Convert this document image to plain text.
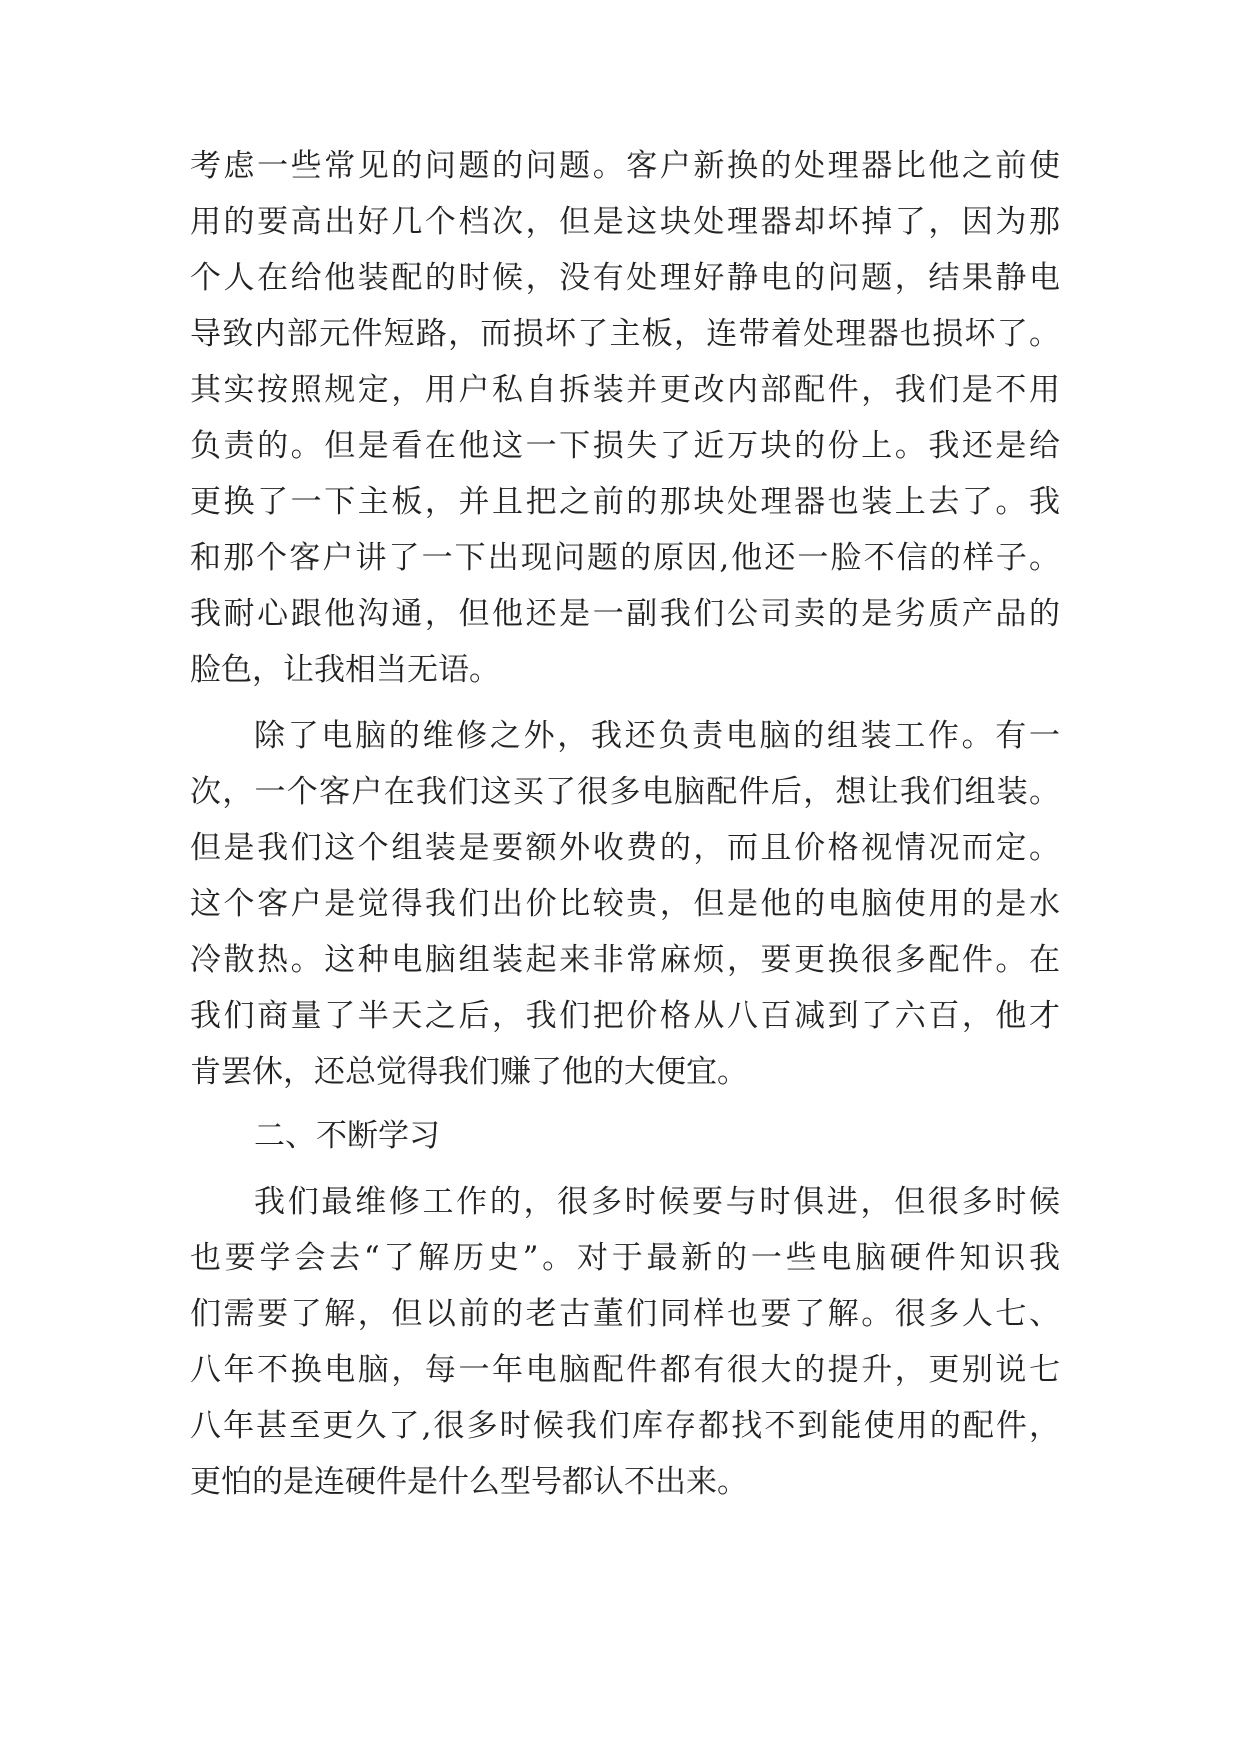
考虑一些常见的问题的问题。客户新换的处理器比他之前使

用的要高出好几个档次，但是这块处理器却坏掉了，因为那

个人在给他装配的时候，没有处理好静电的问题，结果静电

导致内部元件短路，而损坏了主板，连带着处理器也损坏了。

其实按照规定，用户私自拆装并更改内部配件，我们是不用

负责的。但是看在他这一下损失了近万块的份上。我还是给

更换了一下主板，并且把之前的那块处理器也装上去了。我

和那个客户讲了一下出现问题的原因,他还一脸不信的样子。

我耐心跟他沟通，但他还是一副我们公司卖的是劣质产品的

脸色，让我相当无语。

除了电脑的维修之外，我还负责电脑的组装工作。有一

次，一个客户在我们这买了很多电脑配件后，想让我们组装。

但是我们这个组装是要额外收费的，而且价格视情况而定。

这个客户是觉得我们出价比较贵，但是他的电脑使用的是水

冷散热。这种电脑组装起来非常麻烦，要更换很多配件。在

我们商量了半天之后，我们把价格从八百减到了六百，他才

肯罢休，还总觉得我们赚了他的大便宜。

二、不断学习

我们最维修工作的，很多时候要与时俱进，但很多时候

也要学会去“了解历史”。对于最新的一些电脑硬件知识我

们需要了解，但以前的老古董们同样也要了解。很多人七、

八年不换电脑，每一年电脑配件都有很大的提升，更别说七

八年甚至更久了,很多时候我们库存都找不到能使用的配件，

更怕的是连硬件是什么型号都认不出来。
